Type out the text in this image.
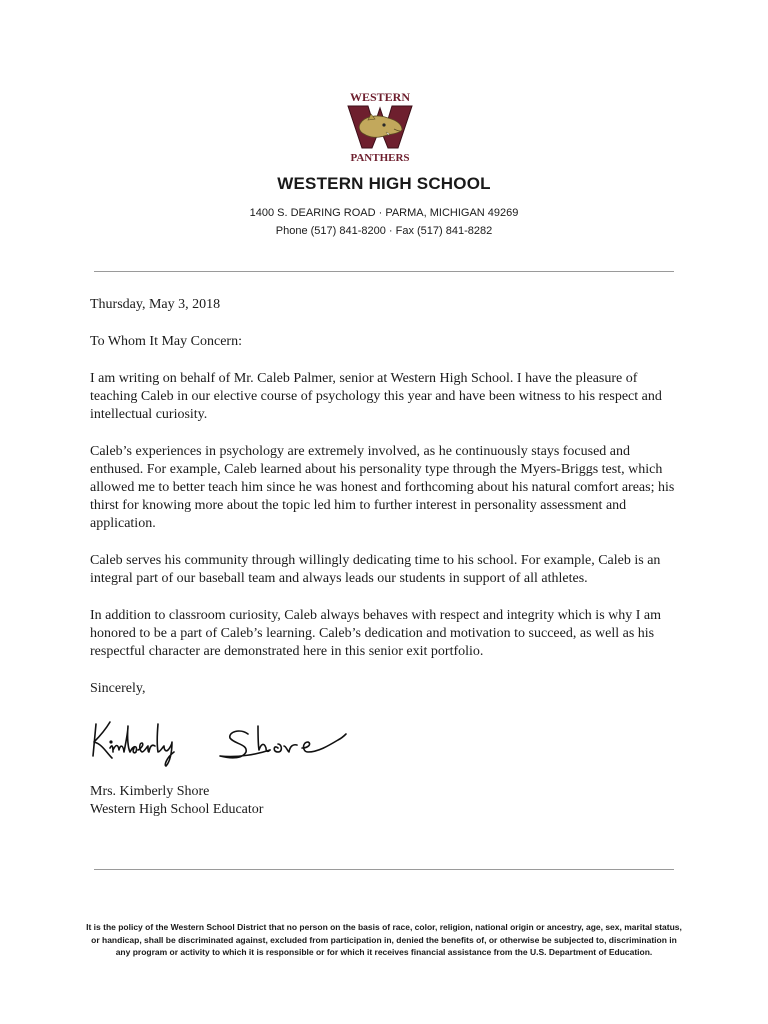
WESTERN
PANTHERS
WESTERN HIGH SCHOOL
1400 S. DEARING ROAD · PARMA, MICHIGAN 49269
Phone (517) 841-8200 · Fax (517) 841-8282

Thursday, May 3, 2018

To Whom It May Concern:

I am writing on behalf of Mr. Caleb Palmer, senior at Western High School. I have the pleasure of teaching Caleb in our elective course of psychology this year and have been witness to his respect and intellectual curiosity.

Caleb’s experiences in psychology are extremely involved, as he continuously stays focused and enthused. For example, Caleb learned about his personality type through the Myers-Briggs test, which allowed me to better teach him since he was honest and forthcoming about his natural comfort areas; his thirst for knowing more about the topic led him to further interest in personality assessment and application.

Caleb serves his community through willingly dedicating time to his school. For example, Caleb is an integral part of our baseball team and always leads our students in support of all athletes.

In addition to classroom curiosity, Caleb always behaves with respect and integrity which is why I am honored to be a part of Caleb’s learning. Caleb’s dedication and motivation to succeed, as well as his respectful character are demonstrated here in this senior exit portfolio.

Sincerely,

Mrs. Kimberly Shore
Western High School Educator
It is the policy of the Western School District that no person on the basis of race, color, religion, national origin or ancestry, age, sex, marital status, or handicap, shall be discriminated against, excluded from participation in, denied the benefits of, or otherwise be subjected to, discrimination in any program or activity to which it is responsible or for which it receives financial assistance from the U.S. Department of Education.
